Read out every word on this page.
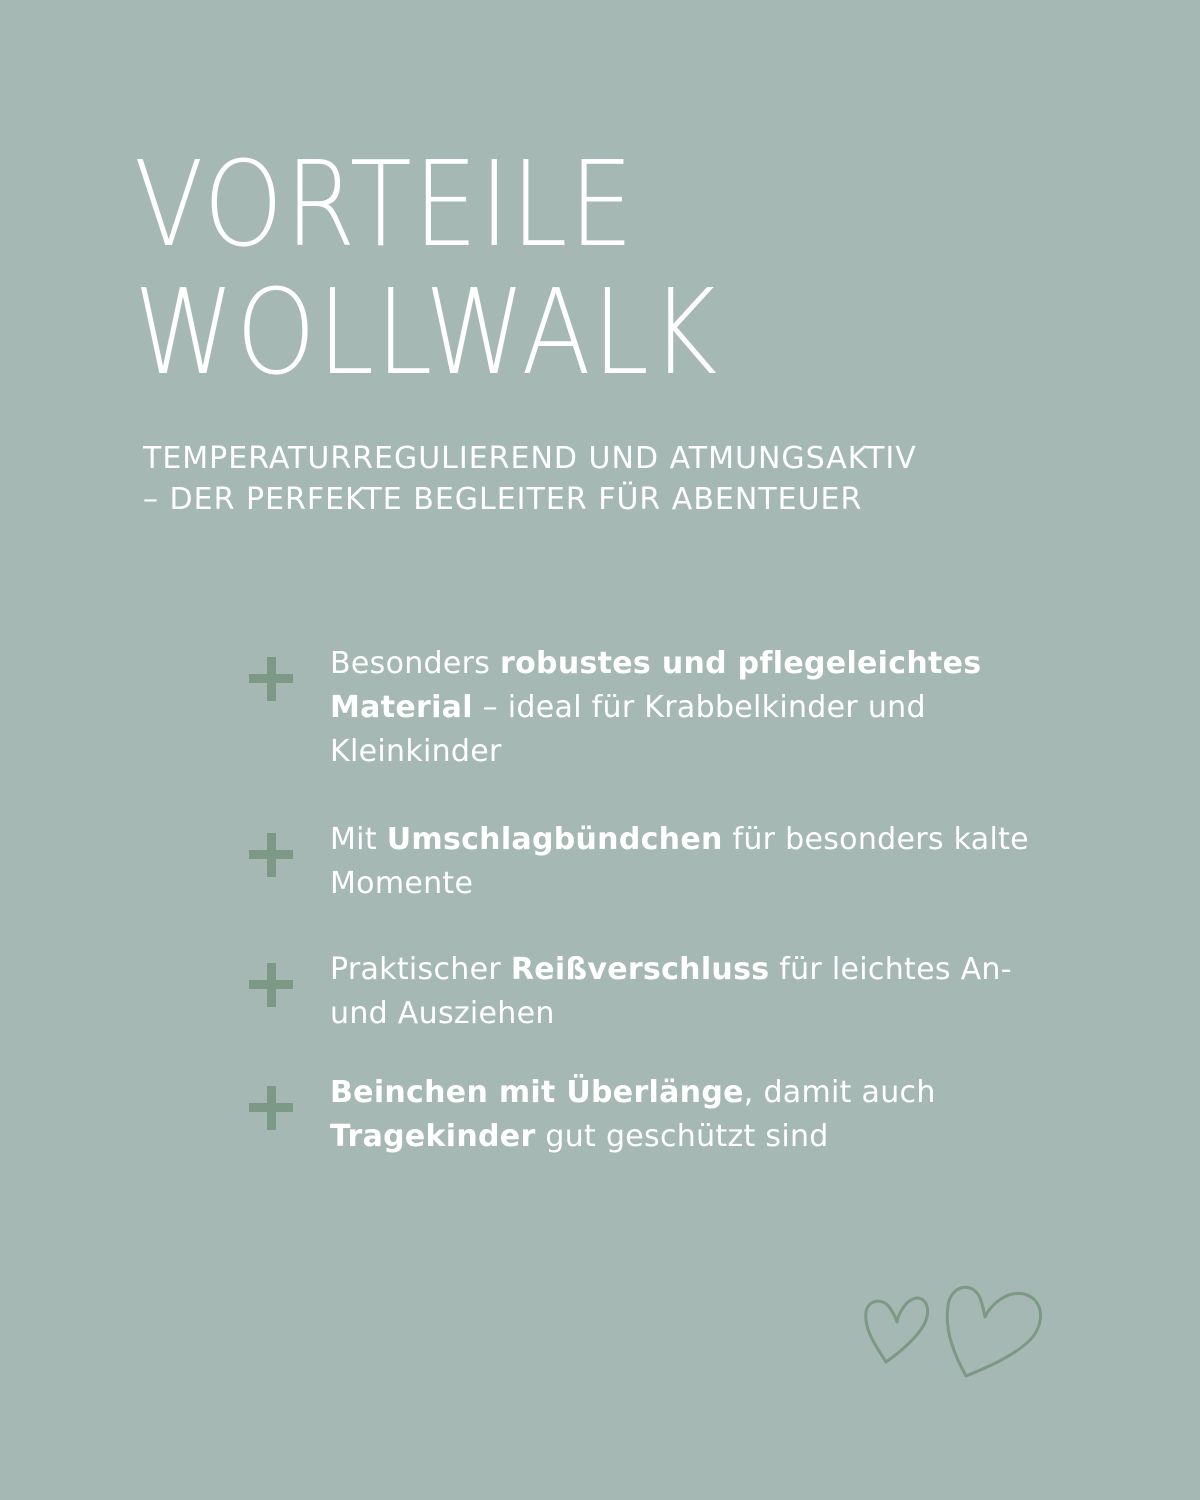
VORTEILE
WOLLWALK

TEMPERATURREGULIEREND UND ATMUNGSAKTIV
– DER PERFEKTE BEGLEITER FÜR ABENTEUER

Besonders robustes und pflegeleichtes Material – ideal für Krabbelkinder und Kleinkinder
Mit Umschlagbündchen für besonders kalte Momente
Praktischer Reißverschluss für leichtes An- und Ausziehen
Beinchen mit Überlänge, damit auch Tragekinder gut geschützt sind
